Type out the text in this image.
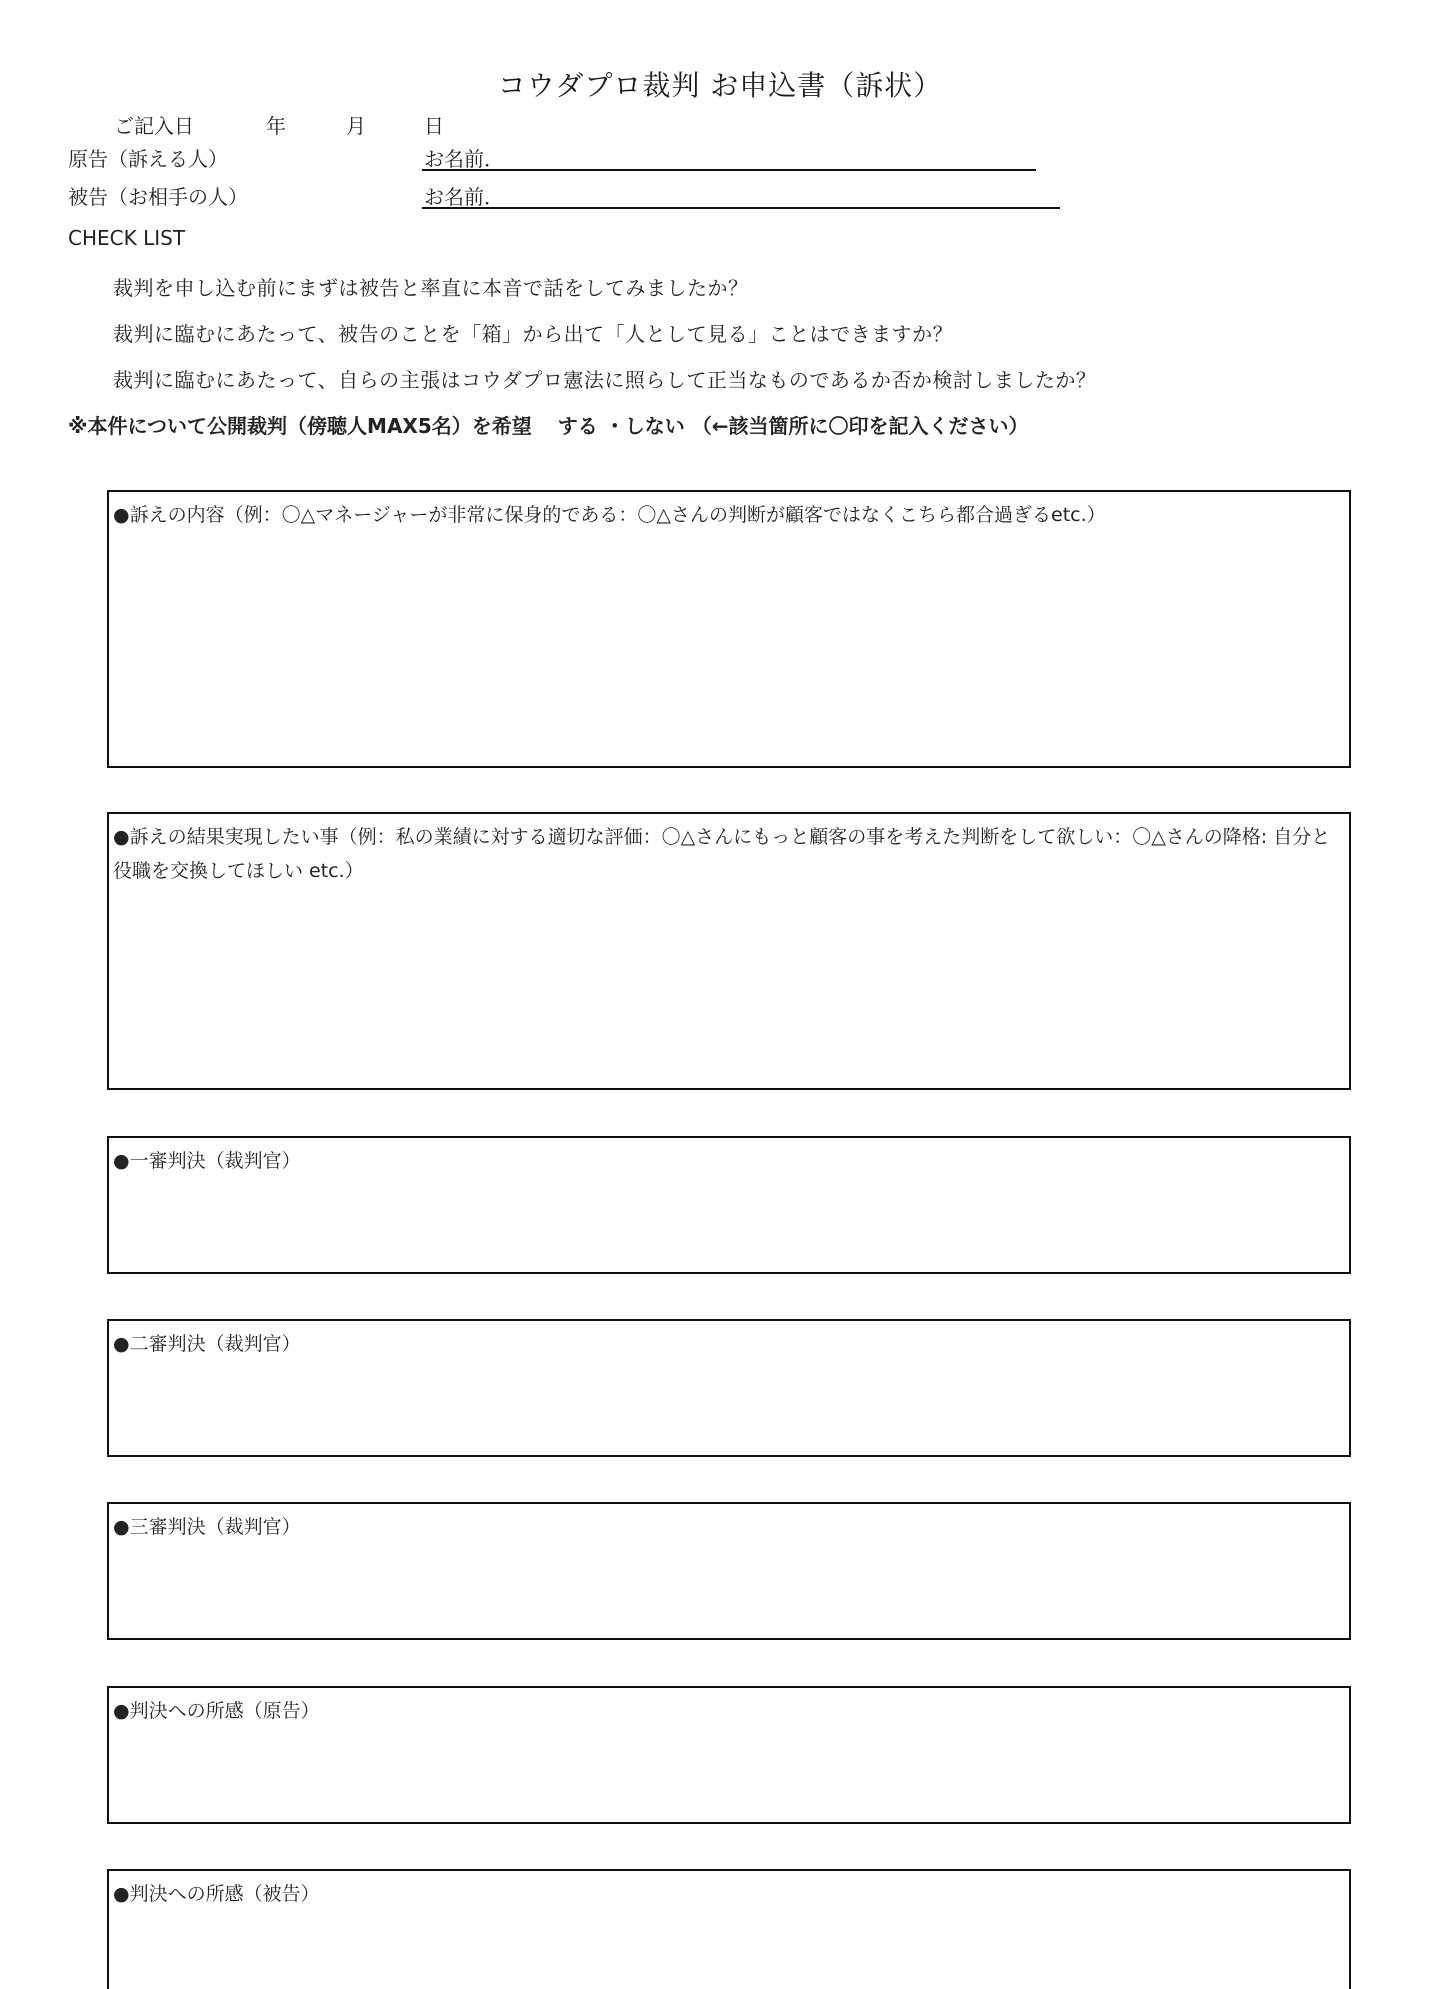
コウダプロ裁判 お申込書（訴状）
ご記入日	年	月	日
原告（訴える人）	お名前．
被告（お相手の人）	お名前．
CHECK LIST
裁判を申し込む前にまずは被告と率直に本音で話をしてみましたか？
裁判に臨むにあたって、被告のことを「箱」から出て「人として見る」ことはできますか？
裁判に臨むにあたって、自らの主張はコウダプロ憲法に照らして正当なものであるか否か検討しましたか？
※本件について公開裁判（傍聴人MAX5名）を希望 する ・しない （←該当箇所に〇印を記入ください）
●訴えの内容（例：〇△マネージャーが非常に保身的である：〇△さんの判断が顧客ではなくこちら都合過ぎるetc.）
●訴えの結果実現したい事（例：私の業績に対する適切な評価：〇△さんにもっと顧客の事を考えた判断をして欲しい：〇△さんの降格: 自分と役職を交換してほしい etc.）
●一審判決（裁判官）
●二審判決（裁判官）
●三審判決（裁判官）
●判決への所感（原告）
●判決への所感（被告）
